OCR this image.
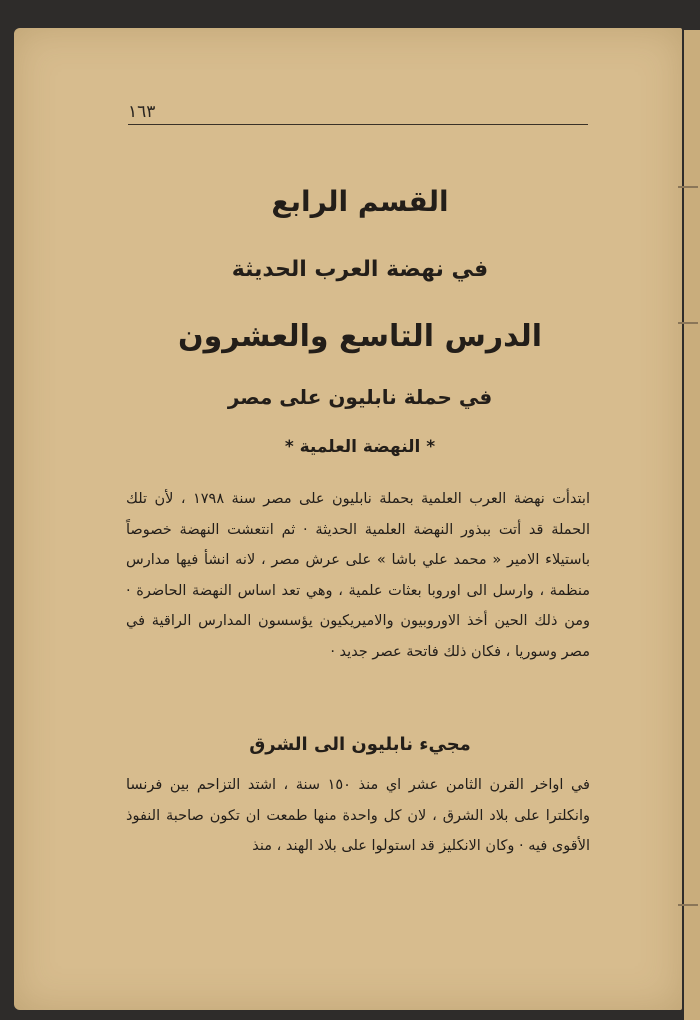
١٦٣

القسم الرابع
في نهضة العرب الحديثة
الدرس التاسع والعشرون
في حملة نابليون على مصر
* النهضة العلمية *

ابتدأت نهضة العرب العلمية بحملة نابليون على مصر سنة ١٧٩٨ ، لأن تلك الحملة قد أتت ببذور النهضة العلمية الحديثة · ثم انتعشت النهضة خصوصاً باستيلاء الامير « محمد علي باشا » على عرش مصر ، لانه انشأ فيها مدارس منظمة ، وارسل الى اوروبا بعثات علمية ، وهي تعد اساس النهضة الحاضرة · ومن ذلك الحين أخذ الاوروبيون والاميريكيون يؤسسون المدارس الراقية في مصر وسوريا ، فكان ذلك فاتحة عصر جديد ·

مجيء نابليون الى الشرق

في اواخر القرن الثامن عشر اي منذ ١٥٠ سنة ، اشتد التزاحم بين فرنسا وانكلترا على بلاد الشرق ، لان كل واحدة منها طمعت ان تكون صاحبة النفوذ الأقوى فيه · وكان الانكليز قد استولوا على بلاد الهند ، منذ
